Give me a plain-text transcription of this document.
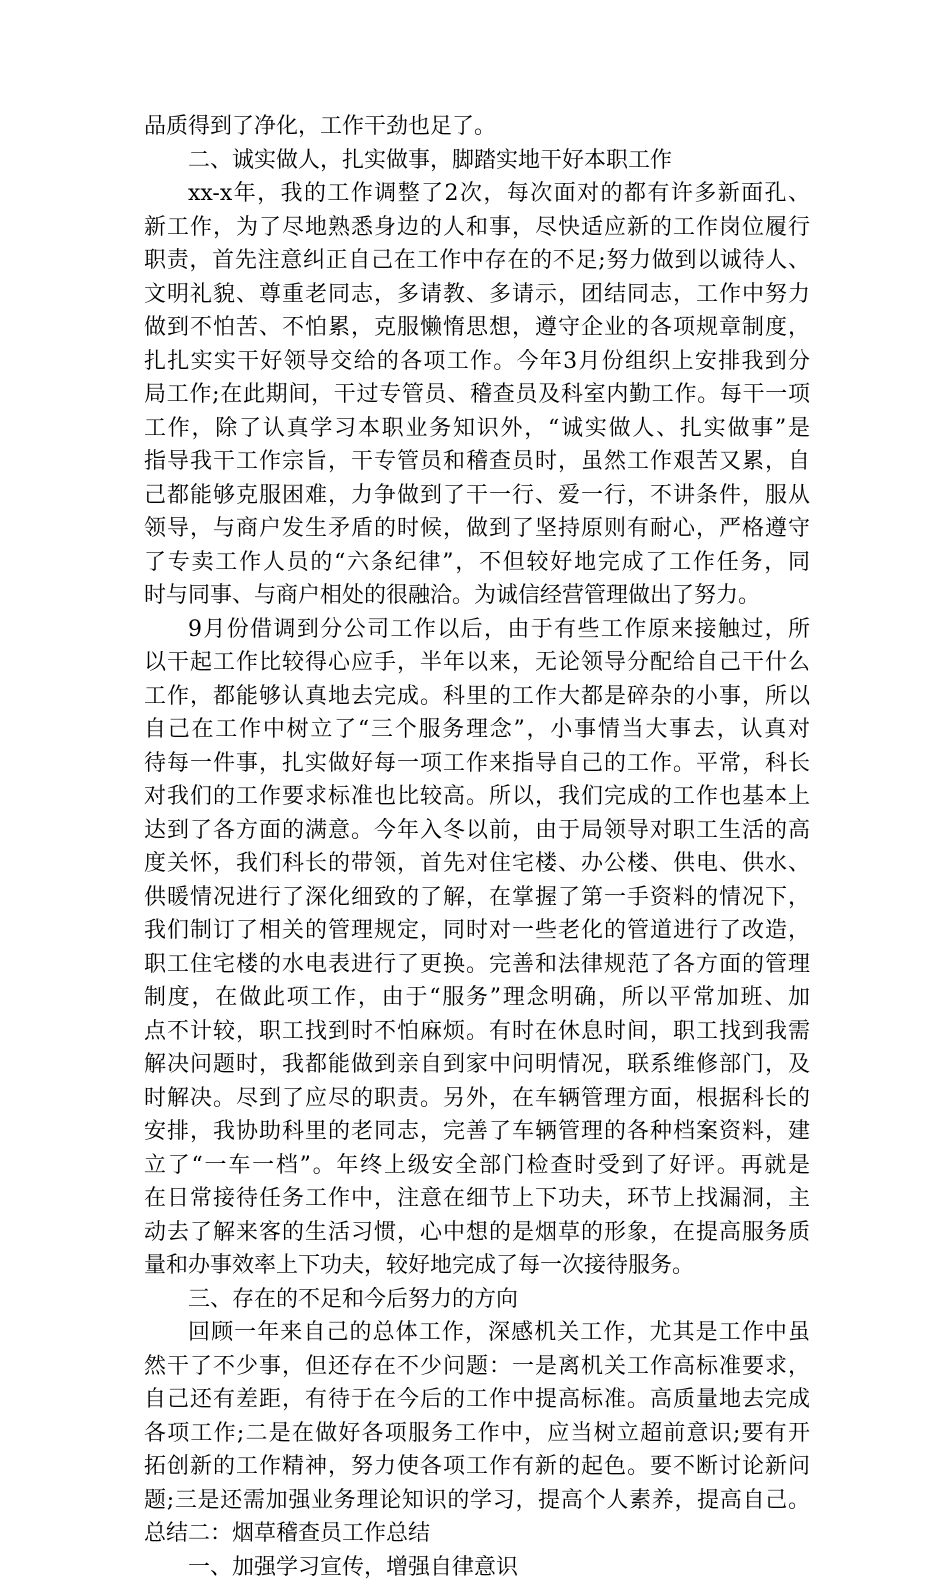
品质得到了净化，工作干劲也足了。
二、诚实做人，扎实做事，脚踏实地干好本职工作
xx-x年，我的工作调整了2次，每次面对的都有许多新面孔、
新工作，为了尽地熟悉身边的人和事，尽快适应新的工作岗位履行
职责，首先注意纠正自己在工作中存在的不足;努力做到以诚待人、
文明礼貌、尊重老同志，多请教、多请示，团结同志，工作中努力
做到不怕苦、不怕累，克服懒惰思想，遵守企业的各项规章制度，
扎扎实实干好领导交给的各项工作。今年3月份组织上安排我到分
局工作;在此期间，干过专管员、稽查员及科室内勤工作。每干一项
工作，除了认真学习本职业务知识外，“诚实做人、扎实做事”是
指导我干工作宗旨，干专管员和稽查员时，虽然工作艰苦又累，自
己都能够克服困难，力争做到了干一行、爱一行，不讲条件，服从
领导，与商户发生矛盾的时候，做到了坚持原则有耐心，严格遵守
了专卖工作人员的“六条纪律”，不但较好地完成了工作任务，同
时与同事、与商户相处的很融洽。为诚信经营管理做出了努力。
9月份借调到分公司工作以后，由于有些工作原来接触过，所
以干起工作比较得心应手，半年以来，无论领导分配给自己干什么
工作，都能够认真地去完成。科里的工作大都是碎杂的小事，所以
自己在工作中树立了“三个服务理念”，小事情当大事去，认真对
待每一件事，扎实做好每一项工作来指导自己的工作。平常，科长
对我们的工作要求标准也比较高。所以，我们完成的工作也基本上
达到了各方面的满意。今年入冬以前，由于局领导对职工生活的高
度关怀，我们科长的带领，首先对住宅楼、办公楼、供电、供水、
供暖情况进行了深化细致的了解，在掌握了第一手资料的情况下，
我们制订了相关的管理规定，同时对一些老化的管道进行了改造，
职工住宅楼的水电表进行了更换。完善和法律规范了各方面的管理
制度，在做此项工作，由于“服务”理念明确，所以平常加班、加
点不计较，职工找到时不怕麻烦。有时在休息时间，职工找到我需
解决问题时，我都能做到亲自到家中问明情况，联系维修部门，及
时解决。尽到了应尽的职责。另外，在车辆管理方面，根据科长的
安排，我协助科里的老同志，完善了车辆管理的各种档案资料，建
立了“一车一档”。年终上级安全部门检查时受到了好评。再就是
在日常接待任务工作中，注意在细节上下功夫，环节上找漏洞，主
动去了解来客的生活习惯，心中想的是烟草的形象，在提高服务质
量和办事效率上下功夫，较好地完成了每一次接待服务。
三、存在的不足和今后努力的方向
回顾一年来自己的总体工作，深感机关工作，尤其是工作中虽
然干了不少事，但还存在不少问题：一是离机关工作高标准要求，
自己还有差距，有待于在今后的工作中提高标准。高质量地去完成
各项工作;二是在做好各项服务工作中，应当树立超前意识;要有开
拓创新的工作精神，努力使各项工作有新的起色。要不断讨论新问
题;三是还需加强业务理论知识的学习，提高个人素养，提高自己。
总结二：烟草稽查员工作总结
一、加强学习宣传，增强自律意识
